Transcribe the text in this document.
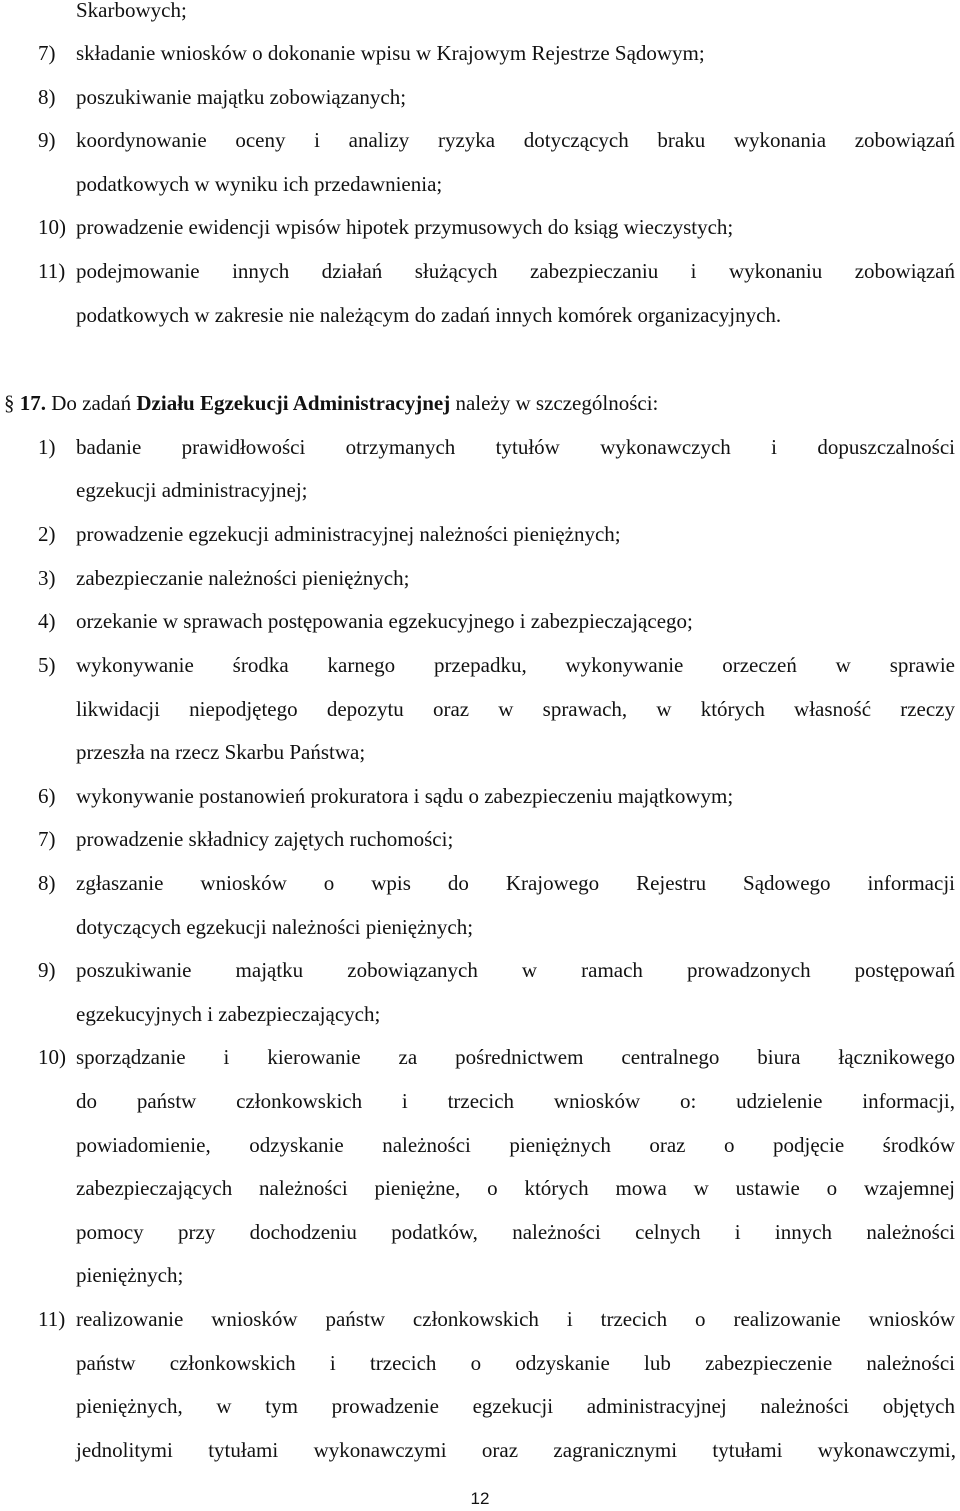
Skarbowych;
7) składanie wniosków o dokonanie wpisu w Krajowym Rejestrze Sądowym;
8) poszukiwanie majątku zobowiązanych;
9) koordynowanie oceny i analizy ryzyka dotyczących braku wykonania zobowiązań
podatkowych w wyniku ich przedawnienia;
10) prowadzenie ewidencji wpisów hipotek przymusowych do ksiąg wieczystych;
11) podejmowanie innych działań służących zabezpieczaniu i wykonaniu zobowiązań
podatkowych w zakresie nie należącym do zadań innych komórek organizacyjnych.
§ 17. Do zadań Działu Egzekucji Administracyjnej należy w szczególności:
1) badanie prawidłowości otrzymanych tytułów wykonawczych i dopuszczalności
egzekucji administracyjnej;
2) prowadzenie egzekucji administracyjnej należności pieniężnych;
3) zabezpieczanie należności pieniężnych;
4) orzekanie w sprawach postępowania egzekucyjnego i zabezpieczającego;
5) wykonywanie środka karnego przepadku, wykonywanie orzeczeń w sprawie
likwidacji niepodjętego depozytu oraz w sprawach, w których własność rzeczy
przeszła na rzecz Skarbu Państwa;
6) wykonywanie postanowień prokuratora i sądu o zabezpieczeniu majątkowym;
7) prowadzenie składnicy zajętych ruchomości;
8) zgłaszanie wniosków o wpis do Krajowego Rejestru Sądowego informacji
dotyczących egzekucji należności pieniężnych;
9) poszukiwanie majątku zobowiązanych w ramach prowadzonych postępowań
egzekucyjnych i zabezpieczających;
10) sporządzanie i kierowanie za pośrednictwem centralnego biura łącznikowego
do państw członkowskich i trzecich wniosków o: udzielenie informacji,
powiadomienie, odzyskanie należności pieniężnych oraz o podjęcie środków
zabezpieczających należności pieniężne, o których mowa w ustawie o wzajemnej
pomocy przy dochodzeniu podatków, należności celnych i innych należności
pieniężnych;
11) realizowanie wniosków państw członkowskich i trzecich o realizowanie wniosków
państw członkowskich i trzecich o odzyskanie lub zabezpieczenie należności
pieniężnych, w tym prowadzenie egzekucji administracyjnej należności objętych
jednolitymi tytułami wykonawczymi oraz zagranicznymi tytułami wykonawczymi,
12
